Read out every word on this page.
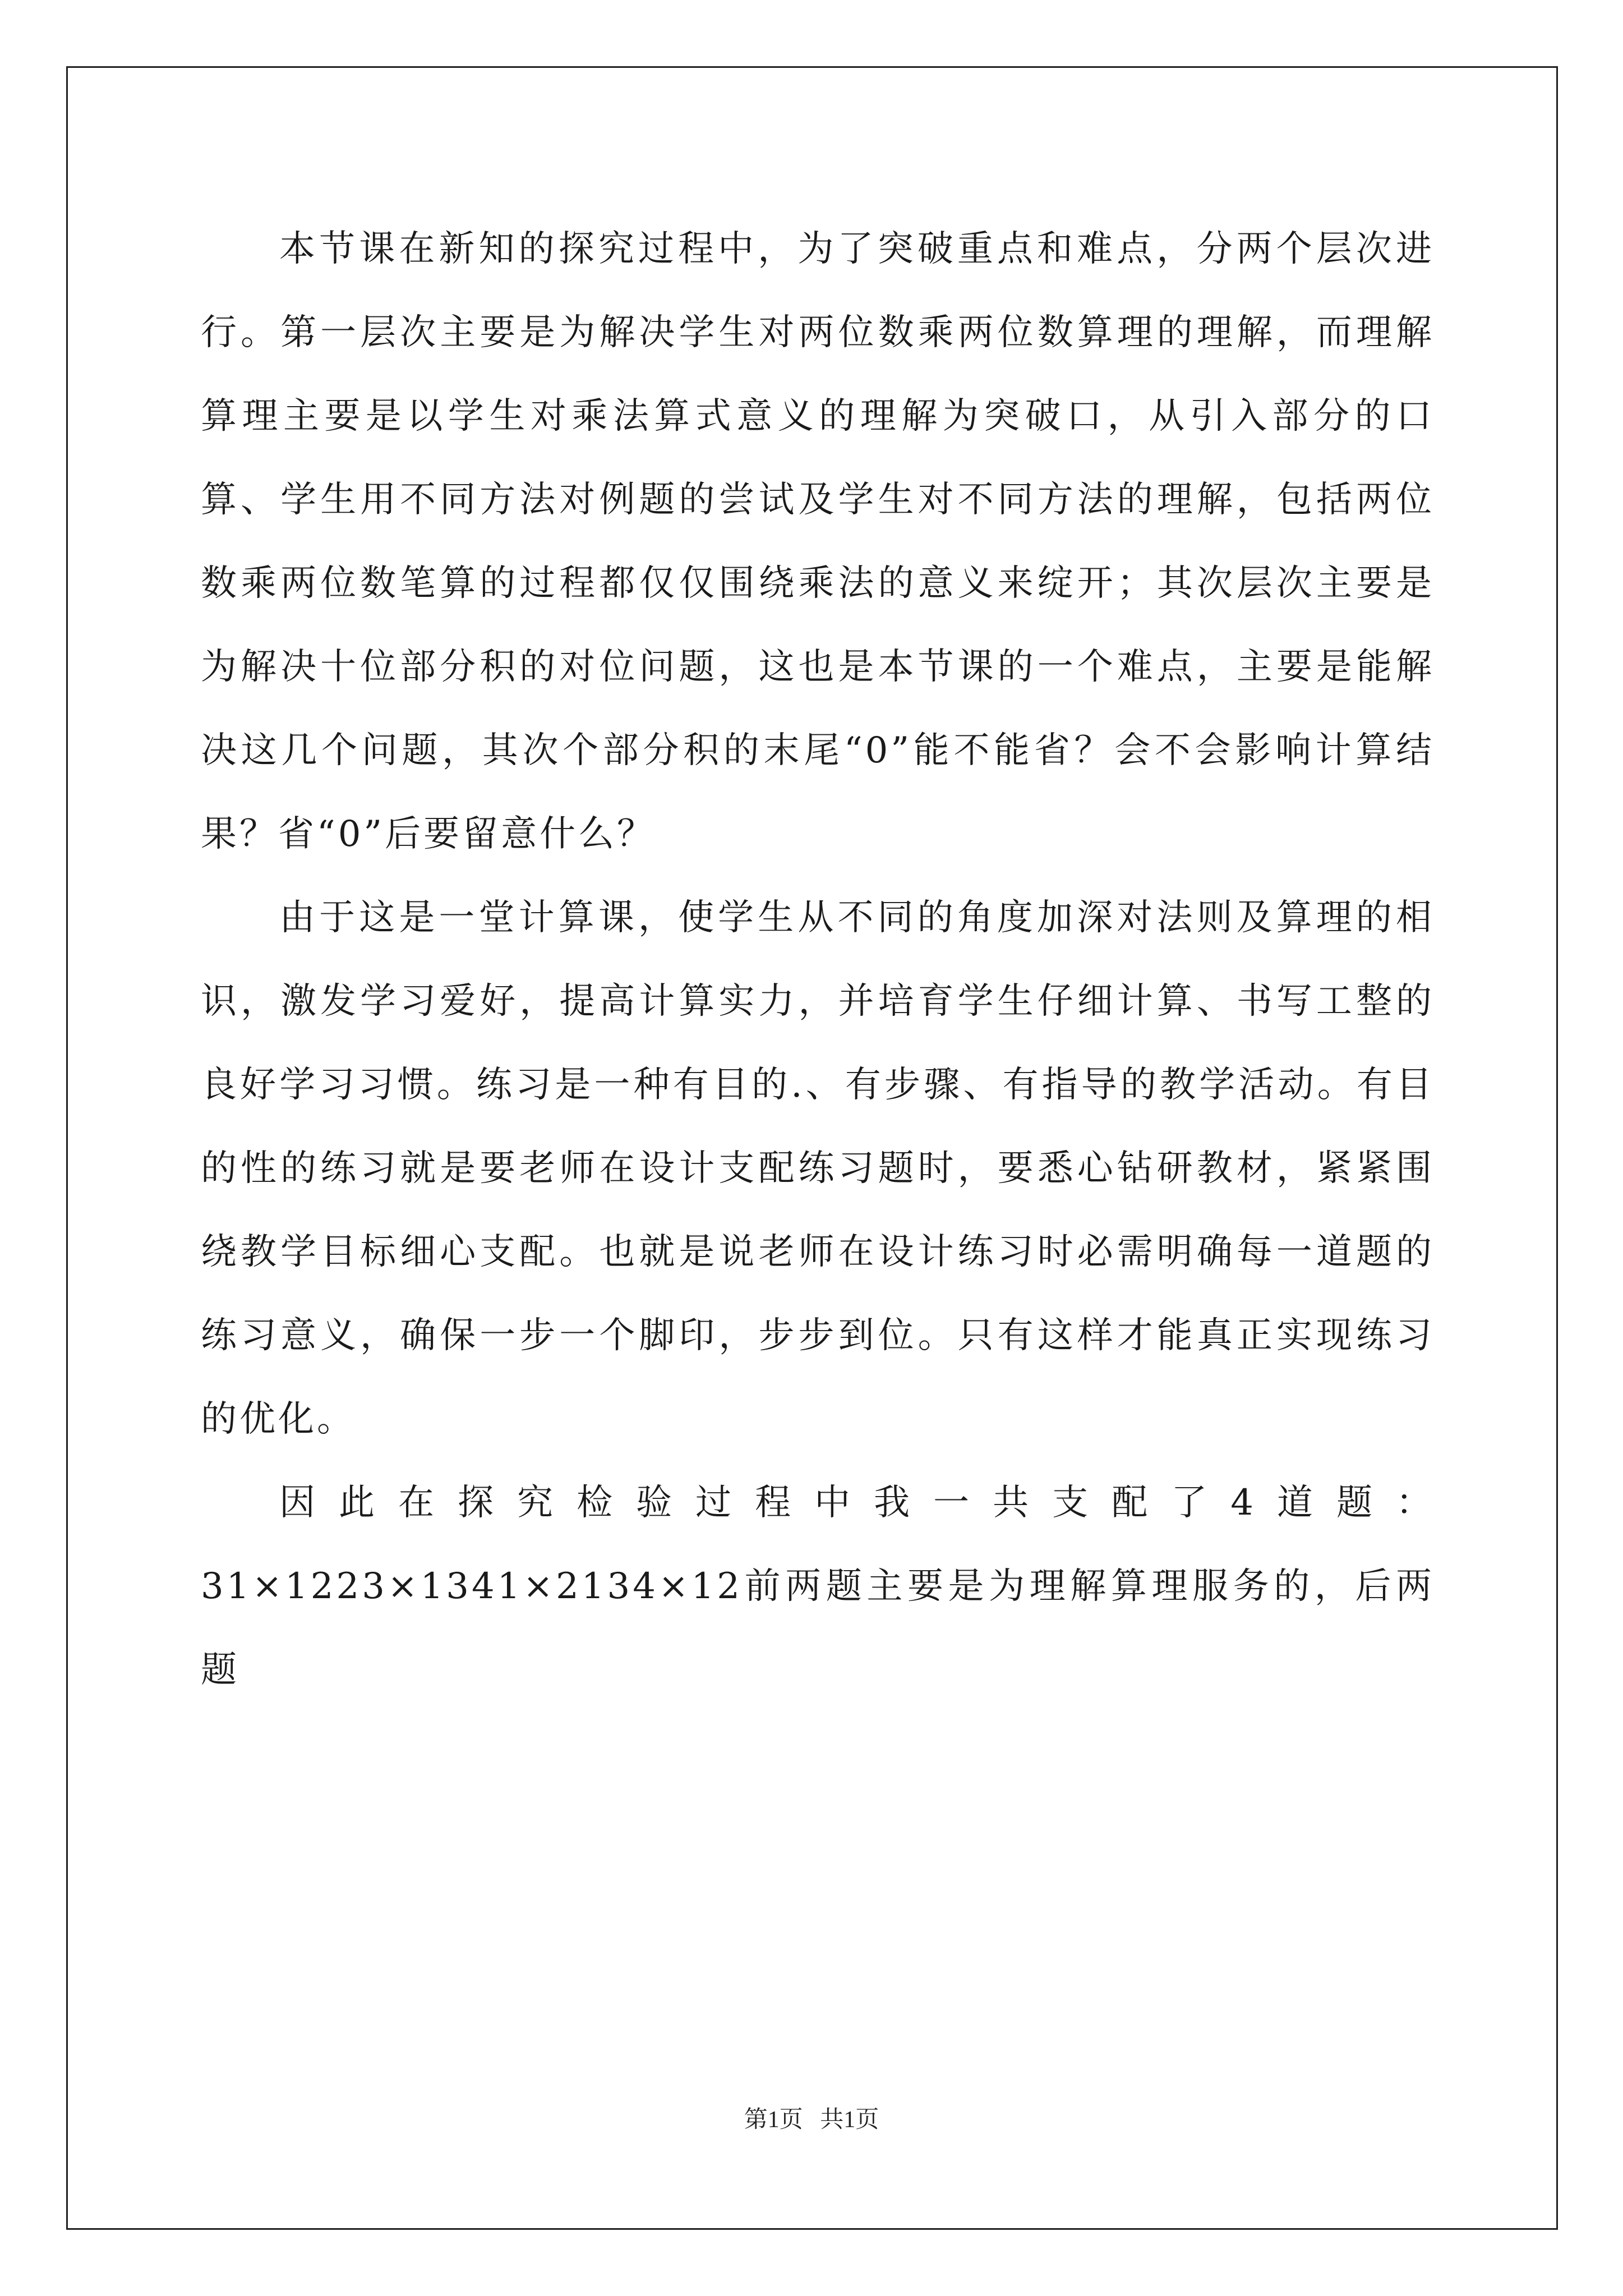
本节课在新知的探究过程中，为了突破重点和难点，分两个层次进行。第一层次主要是为解决学生对两位数乘两位数算理的理解，而理解算理主要是以学生对乘法算式意义的理解为突破口，从引入部分的口算、学生用不同方法对例题的尝试及学生对不同方法的理解，包括两位数乘两位数笔算的过程都仅仅围绕乘法的意义来绽开；其次层次主要是为解决十位部分积的对位问题，这也是本节课的一个难点，主要是能解决这几个问题，其次个部分积的末尾“0”能不能省？会不会影响计算结果？省“0”后要留意什么？

由于这是一堂计算课，使学生从不同的角度加深对法则及算理的相识，激发学习爱好，提高计算实力，并培育学生仔细计算、书写工整的良好学习习惯。练习是一种有目的.、有步骤、有指导的教学活动。有目的性的练习就是要老师在设计支配练习题时，要悉心钻研教材，紧紧围绕教学目标细心支配。也就是说老师在设计练习时必需明确每一道题的练习意义，确保一步一个脚印，步步到位。只有这样才能真正实现练习的优化。

因此在探究检验过程中我一共支配了4道题：31×1223×1341×2134×12前两题主要是为理解算理服务的，后两题

第1页 共1页
